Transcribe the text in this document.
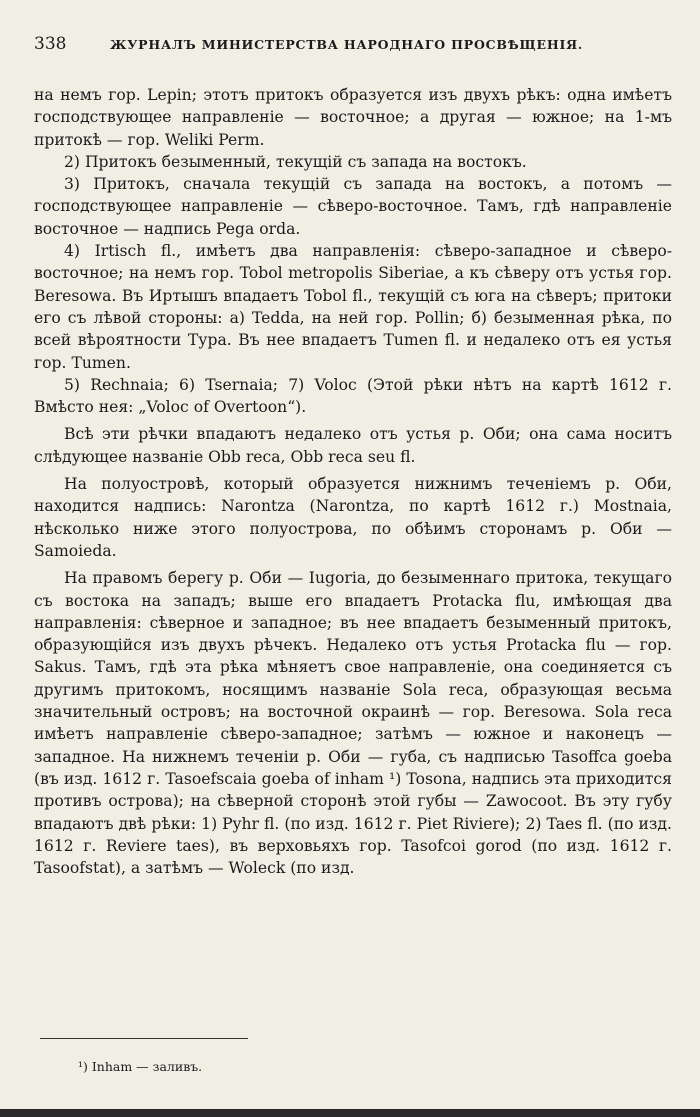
338	ЖУРНАЛЪ МИНИСТЕРСТВА НАРОДНАГО ПРОСВѢЩЕНІЯ.

на немъ гор. Lepin; этотъ притокъ образуется изъ двухъ рѣкъ: одна имѣетъ господствующее направленіе — восточное; а другая — южное; на 1-мъ притокѣ — гор. Weliki Perm.

2) Притокъ безыменный, текущій съ запада на востокъ.

3) Притокъ, сначала текущій съ запада на востокъ, а потомъ — господствующее направленіе — сѣверо-восточное. Тамъ, гдѣ направленіе восточное — надпись Pega orda.

4) Irtisch fl., имѣетъ два направленія: сѣверо-западное и сѣверо-восточное; на немъ гор. Tobol metropolis Siberiae, а къ сѣверу отъ устья гор. Beresowa. Въ Иртышъ впадаетъ Tobol fl., текущій съ юга на сѣверъ; притоки его съ лѣвой стороны: а) Tedda, на ней гор. Pollin; б) безыменная рѣка, по всей вѣроятности Тура. Въ нее впадаетъ Tumen fl. и недалеко отъ ея устья гор. Tumen.

5) Rechnaia; 6) Tsernaia; 7) Voloc (Этой рѣки нѣтъ на картѣ 1612 г. Вмѣсто нея: „Voloc of Overtoon“).

Всѣ эти рѣчки впадаютъ недалеко отъ устья р. Оби; она сама носитъ слѣдующее названіе Obb reca, Obb reca seu fl.

На полуостровѣ, который образуется нижнимъ теченіемъ р. Оби, находится надпись: Narontza (Narontza, по картѣ 1612 г.) Mostnaia, нѣсколько ниже этого полуострова, по обѣимъ сторонамъ р. Оби — Samoieda.

На правомъ берегу р. Оби — Iugoria, до безыменнаго притока, текущаго съ востока на западъ; выше его впадаетъ Protacka flu, имѣющая два направленія: сѣверное и западное; въ нее впадаетъ безыменный притокъ, образующійся изъ двухъ рѣчекъ. Недалеко отъ устья Protacka flu — гор. Sakus. Тамъ, гдѣ эта рѣка мѣняетъ свое направленіе, она соединяется съ другимъ притокомъ, носящимъ названіе Sola reca, образующая весьма значительный островъ; на восточной окраинѣ — гор. Beresowa. Sola reca имѣетъ направленіе сѣверо-западное; затѣмъ — южное и наконецъ — западное. На нижнемъ теченіи р. Оби — губа, съ надписью Tasoffca goeba (въ изд. 1612 г. Tasoefscaia goeba of inham ¹) Tosona, надпись эта приходится противъ острова); на сѣверной сторонѣ этой губы — Zawocoot. Въ эту губу впадаютъ двѣ рѣки: 1) Pyhr fl. (по изд. 1612 г. Piet Riviere); 2) Taes fl. (по изд. 1612 г. Reviere taes), въ верховьяхъ гор. Tasofcoi gorod (по изд. 1612 г. Tasoofstat), а затѣмъ — Woleck (по изд.

¹) Inham — заливъ.
